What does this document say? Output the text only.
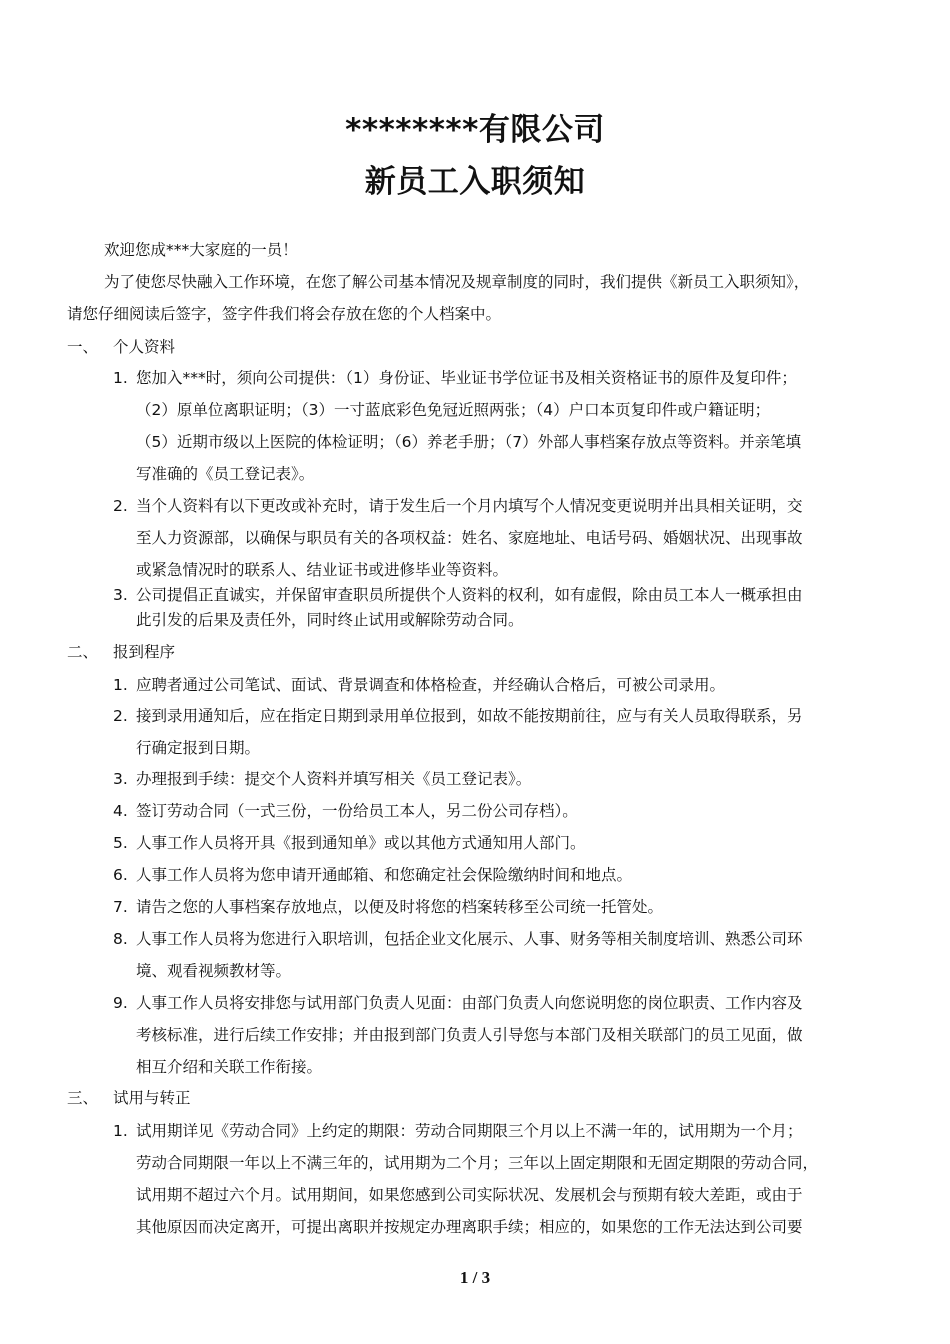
********有限公司
新员工入职须知
欢迎您成***大家庭的一员！
为了使您尽快融入工作环境，在您了解公司基本情况及规章制度的同时，我们提供《新员工入职须知》，
请您仔细阅读后签字，签字件我们将会存放在您的个人档案中。
一、 个人资料
1. 您加入***时，须向公司提供：（1）身份证、毕业证书学位证书及相关资格证书的原件及复印件；
（2）原单位离职证明；（3）一寸蓝底彩色免冠近照两张；（4）户口本页复印件或户籍证明；
（5）近期市级以上医院的体检证明；（6）养老手册；（7）外部人事档案存放点等资料。并亲笔填
写准确的《员工登记表》。
2. 当个人资料有以下更改或补充时，请于发生后一个月内填写个人情况变更说明并出具相关证明，交
至人力资源部，以确保与职员有关的各项权益：姓名、家庭地址、电话号码、婚姻状况、出现事故
或紧急情况时的联系人、结业证书或进修毕业等资料。
3. 公司提倡正直诚实，并保留审查职员所提供个人资料的权利，如有虚假，除由员工本人一概承担由
此引发的后果及责任外，同时终止试用或解除劳动合同。
二、 报到程序
1. 应聘者通过公司笔试、面试、背景调查和体格检查，并经确认合格后，可被公司录用。
2. 接到录用通知后，应在指定日期到录用单位报到，如故不能按期前往，应与有关人员取得联系，另
行确定报到日期。
3. 办理报到手续：提交个人资料并填写相关《员工登记表》。
4. 签订劳动合同（一式三份，一份给员工本人，另二份公司存档）。
5. 人事工作人员将开具《报到通知单》或以其他方式通知用人部门。
6. 人事工作人员将为您申请开通邮箱、和您确定社会保险缴纳时间和地点。
7. 请告之您的人事档案存放地点，以便及时将您的档案转移至公司统一托管处。
8. 人事工作人员将为您进行入职培训，包括企业文化展示、人事、财务等相关制度培训、熟悉公司环
境、观看视频教材等。
9. 人事工作人员将安排您与试用部门负责人见面：由部门负责人向您说明您的岗位职责、工作内容及
考核标准，进行后续工作安排；并由报到部门负责人引导您与本部门及相关联部门的员工见面，做
相互介绍和关联工作衔接。
三、 试用与转正
1. 试用期详见《劳动合同》上约定的期限：劳动合同期限三个月以上不满一年的，试用期为一个月；
劳动合同期限一年以上不满三年的，试用期为二个月；三年以上固定期限和无固定期限的劳动合同，
试用期不超过六个月。试用期间，如果您感到公司实际状况、发展机会与预期有较大差距，或由于
其他原因而决定离开，可提出离职并按规定办理离职手续；相应的，如果您的工作无法达到公司要
1 / 3
